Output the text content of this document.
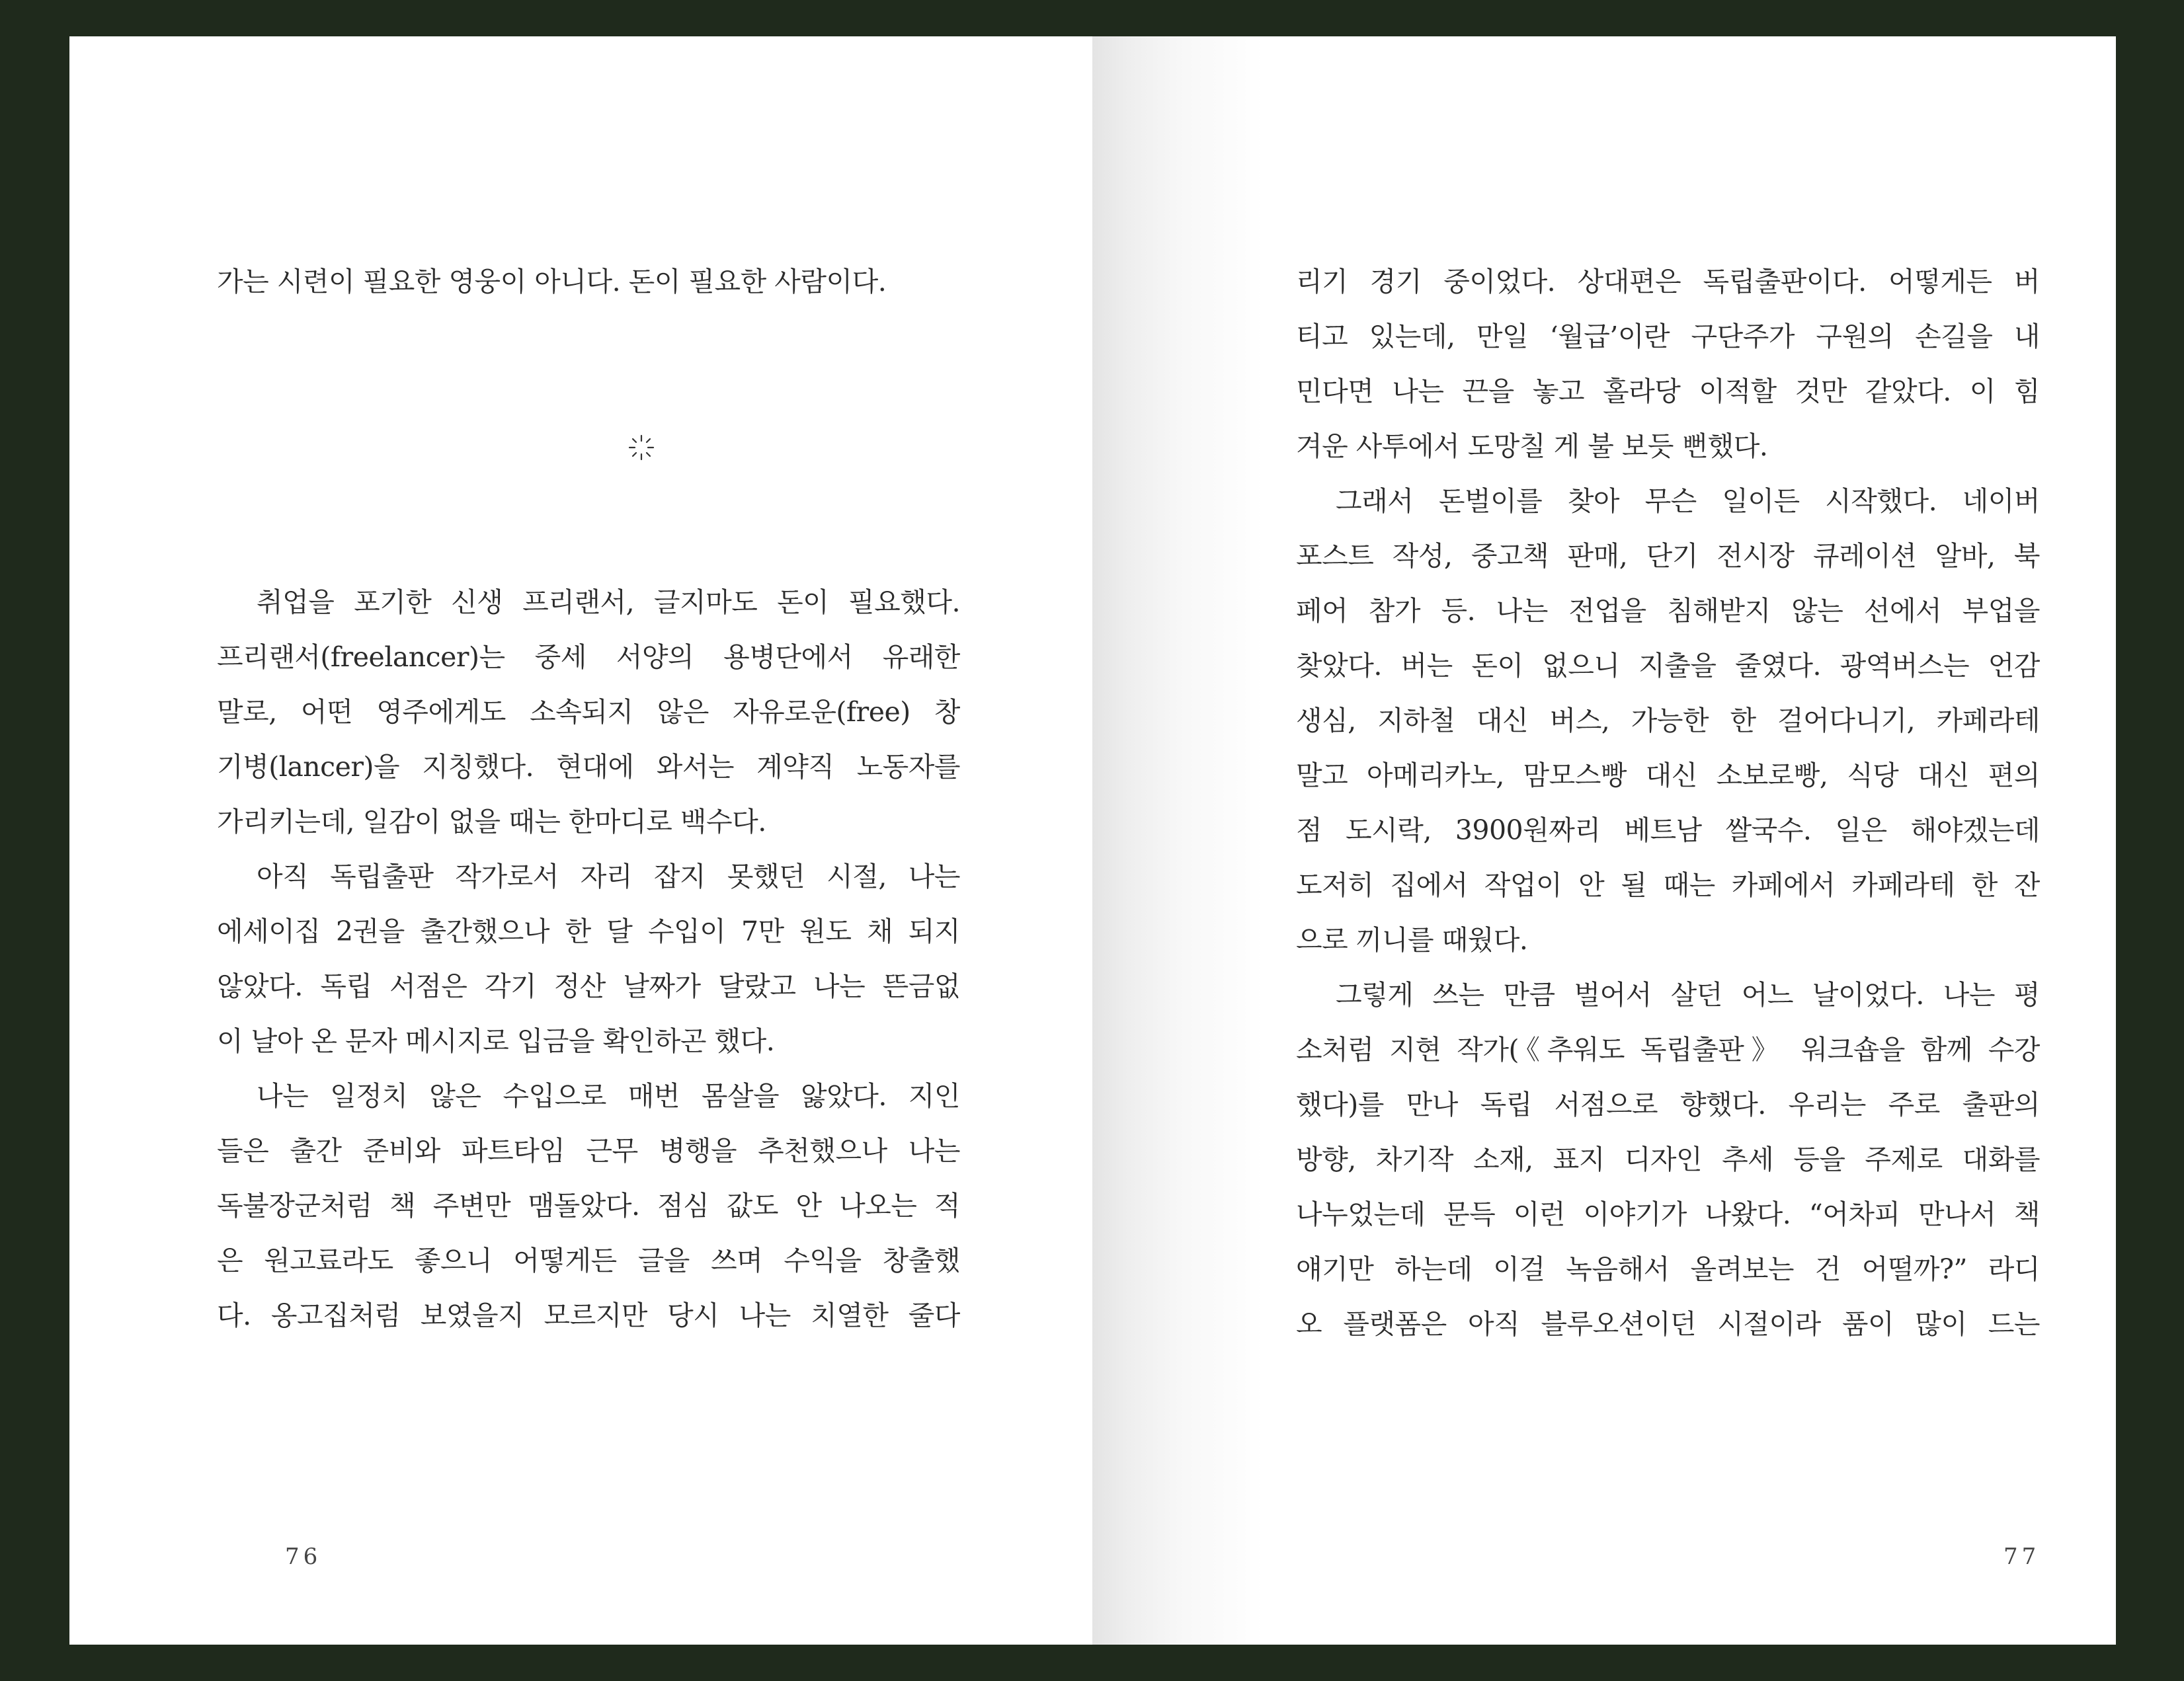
가는 시련이 필요한 영웅이 아니다. 돈이 필요한 사람이다.
취업을 포기한 신생 프리랜서, 글지마도 돈이 필요했다.
프리랜서(freelancer)는 중세 서양의 용병단에서 유래한
말로, 어떤 영주에게도 소속되지 않은 자유로운(free) 창
기병(lancer)을 지칭했다. 현대에 와서는 계약직 노동자를
가리키는데, 일감이 없을 때는 한마디로 백수다.
아직 독립출판 작가로서 자리 잡지 못했던 시절, 나는
에세이집 2권을 출간했으나 한 달 수입이 7만 원도 채 되지
않았다. 독립 서점은 각기 정산 날짜가 달랐고 나는 뜬금없
이 날아 온 문자 메시지로 입금을 확인하곤 했다.
나는 일정치 않은 수입으로 매번 몸살을 앓았다. 지인
들은 출간 준비와 파트타임 근무 병행을 추천했으나 나는
독불장군처럼 책 주변만 맴돌았다. 점심 값도 안 나오는 적
은 원고료라도 좋으니 어떻게든 글을 쓰며 수익을 창출했
다. 옹고집처럼 보였을지 모르지만 당시 나는 치열한 줄다
76
리기 경기 중이었다. 상대편은 독립출판이다. 어떻게든 버
티고 있는데, 만일 ‘월급’이란 구단주가 구원의 손길을 내
민다면 나는 끈을 놓고 홀라당 이적할 것만 같았다. 이 힘
겨운 사투에서 도망칠 게 불 보듯 뻔했다.
그래서 돈벌이를 찾아 무슨 일이든 시작했다. 네이버
포스트 작성, 중고책 판매, 단기 전시장 큐레이션 알바, 북
페어 참가 등. 나는 전업을 침해받지 않는 선에서 부업을
찾았다. 버는 돈이 없으니 지출을 줄였다. 광역버스는 언감
생심, 지하철 대신 버스, 가능한 한 걸어다니기, 카페라테
말고 아메리카노, 맘모스빵 대신 소보로빵, 식당 대신 편의
점 도시락, 3900원짜리 베트남 쌀국수. 일은 해야겠는데
도저히 집에서 작업이 안 될 때는 카페에서 카페라테 한 잔
으로 끼니를 때웠다.
그렇게 쓰는 만큼 벌어서 살던 어느 날이었다. 나는 평
소처럼 지현 작가(《추워도 독립출판》 워크숍을 함께 수강
했다)를 만나 독립 서점으로 향했다. 우리는 주로 출판의
방향, 차기작 소재, 표지 디자인 추세 등을 주제로 대화를
나누었는데 문득 이런 이야기가 나왔다. “어차피 만나서 책
얘기만 하는데 이걸 녹음해서 올려보는 건 어떨까?” 라디
오 플랫폼은 아직 블루오션이던 시절이라 품이 많이 드는
77
